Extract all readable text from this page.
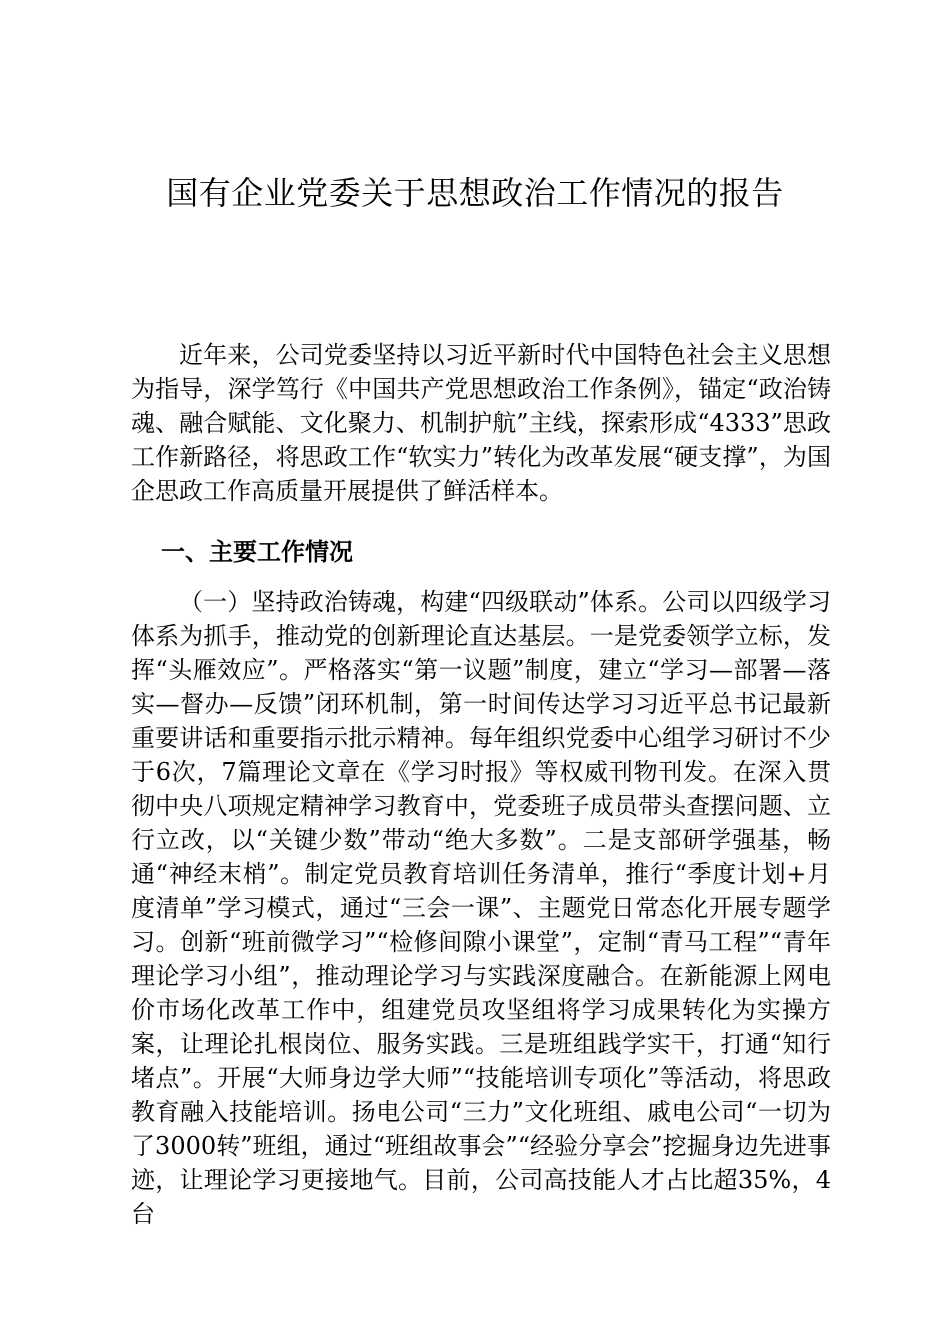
国有企业党委关于思想政治工作情况的报告

近年来，公司党委坚持以习近平新时代中国特色社会主义思想为指导，深学笃行《中国共产党思想政治工作条例》，锚定“政治铸魂、融合赋能、文化聚力、机制护航”主线，探索形成“4333”思政工作新路径，将思政工作“软实力”转化为改革发展“硬支撑”，为国企思政工作高质量开展提供了鲜活样本。

一、主要工作情况

（一）坚持政治铸魂，构建“四级联动”体系。公司以四级学习体系为抓手，推动党的创新理论直达基层。一是党委领学立标，发挥“头雁效应”。严格落实“第一议题”制度，建立“学习—部署—落实—督办—反馈”闭环机制，第一时间传达学习习近平总书记最新重要讲话和重要指示批示精神。每年组织党委中心组学习研讨不少于6次，7篇理论文章在《学习时报》等权威刊物刊发。在深入贯彻中央八项规定精神学习教育中，党委班子成员带头查摆问题、立行立改，以“关键少数”带动“绝大多数”。二是支部研学强基，畅通“神经末梢”。制定党员教育培训任务清单，推行“季度计划+月度清单”学习模式，通过“三会一课”、主题党日常态化开展专题学习。创新“班前微学习”“检修间隙小课堂”，定制“青马工程”“青年理论学习小组”，推动理论学习与实践深度融合。在新能源上网电价市场化改革工作中，组建党员攻坚组将学习成果转化为实操方案，让理论扎根岗位、服务实践。三是班组践学实干，打通“知行堵点”。开展“大师身边学大师”“技能培训专项化”等活动，将思政教育融入技能培训。扬电公司“三力”文化班组、戚电公司“一切为了3000转”班组，通过“班组故事会”“经验分享会”挖掘身边先进事迹，让理论学习更接地气。目前，公司高技能人才占比超35%，4台
